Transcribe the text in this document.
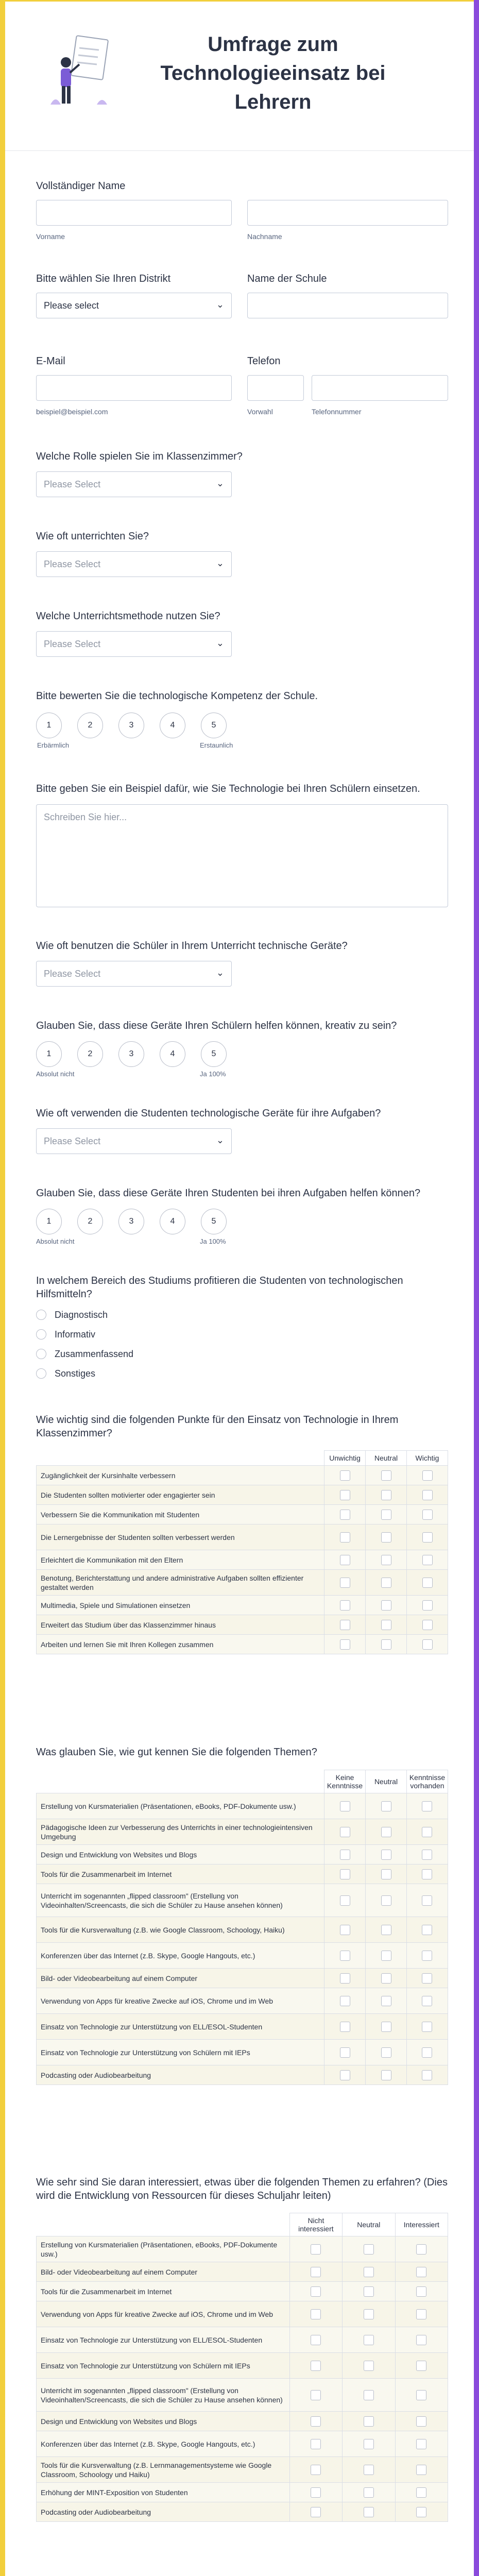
Umfrage zum Technologieeinsatz bei Lehrern
Vollständiger Name
Vorname	Nachname
Bitte wählen Sie Ihren Distrikt
Please select	⌄
Name der Schule
E-Mail
beispiel@beispiel.com
Telefon
Vorwahl	Telefonnummer
Welche Rolle spielen Sie im Klassenzimmer?
Please Select	⌄
Wie oft unterrichten Sie?
Please Select	⌄
Welche Unterrichtsmethode nutzen Sie?
Please Select	⌄
Bitte bewerten Sie die technologische Kompetenz der Schule.
1	2	3	4	5
Erbärmlich	Erstaunlich
Bitte geben Sie ein Beispiel dafür, wie Sie Technologie bei Ihren Schülern einsetzen.
Schreiben Sie hier...
Wie oft benutzen die Schüler in Ihrem Unterricht technische Geräte?
Please Select	⌄
Glauben Sie, dass diese Geräte Ihren Schülern helfen können, kreativ zu sein?
1	2	3	4	5
Absolut nicht	Ja 100%
Wie oft verwenden die Studenten technologische Geräte für ihre Aufgaben?
Please Select	⌄
Glauben Sie, dass diese Geräte Ihren Studenten bei ihren Aufgaben helfen können?
1	2	3	4	5
Absolut nicht	Ja 100%
In welchem Bereich des Studiums profitieren die Studenten von technologischen Hilfsmitteln?
Diagnostisch
Informativ
Zusammenfassend
Sonstiges
Wie wichtig sind die folgenden Punkte für den Einsatz von Technologie in Ihrem Klassenzimmer?
	Unwichtig	Neutral	Wichtig
Zugänglichkeit der Kursinhalte verbessern			
Die Studenten sollten motivierter oder engagierter sein			
Verbessern Sie die Kommunikation mit Studenten			
Die Lernergebnisse der Studenten sollten verbessert werden			
Erleichtert die Kommunikation mit den Eltern			
Benotung, Berichterstattung und andere administrative Aufgaben sollten effizienter gestaltet werden			
Multimedia, Spiele und Simulationen einsetzen			
Erweitert das Studium über das Klassenzimmer hinaus			
Arbeiten und lernen Sie mit Ihren Kollegen zusammen			
Was glauben Sie, wie gut kennen Sie die folgenden Themen?
	Keine Kenntnisse	Neutral	Kenntnisse vorhanden
Erstellung von Kursmaterialien (Präsentationen, eBooks, PDF-Dokumente usw.)			
Pädagogische Ideen zur Verbesserung des Unterrichts in einer technologieintensiven Umgebung			
Design und Entwicklung von Websites und Blogs			
Tools für die Zusammenarbeit im Internet			
Unterricht im sogenannten „flipped classroom" (Erstellung von Videoinhalten/Screencasts, die sich die Schüler zu Hause ansehen können)			
Tools für die Kursverwaltung (z.B. wie Google Classroom, Schoology, Haiku)			
Konferenzen über das Internet (z.B. Skype, Google Hangouts, etc.)			
Bild- oder Videobearbeitung auf einem Computer			
Verwendung von Apps für kreative Zwecke auf iOS, Chrome und im Web			
Einsatz von Technologie zur Unterstützung von ELL/ESOL-Studenten			
Einsatz von Technologie zur Unterstützung von Schülern mit IEPs			
Podcasting oder Audiobearbeitung			
Wie sehr sind Sie daran interessiert, etwas über die folgenden Themen zu erfahren? (Dies wird die Entwicklung von Ressourcen für dieses Schuljahr leiten)
	Nicht interessiert	Neutral	Interessiert
Erstellung von Kursmaterialien (Präsentationen, eBooks, PDF-Dokumente usw.)			
Bild- oder Videobearbeitung auf einem Computer			
Tools für die Zusammenarbeit im Internet			
Verwendung von Apps für kreative Zwecke auf iOS, Chrome und im Web			
Einsatz von Technologie zur Unterstützung von ELL/ESOL-Studenten			
Einsatz von Technologie zur Unterstützung von Schülern mit IEPs			
Unterricht im sogenannten „flipped classroom" (Erstellung von Videoinhalten/Screencasts, die sich die Schüler zu Hause ansehen können)			
Design und Entwicklung von Websites und Blogs			
Konferenzen über das Internet (z.B. Skype, Google Hangouts, etc.)			
Tools für die Kursverwaltung (z.B. Lernmanagementsysteme wie Google Classroom, Schoology und Haiku)			
Erhöhung der MINT-Exposition von Studenten			
Podcasting oder Audiobearbeitung			
